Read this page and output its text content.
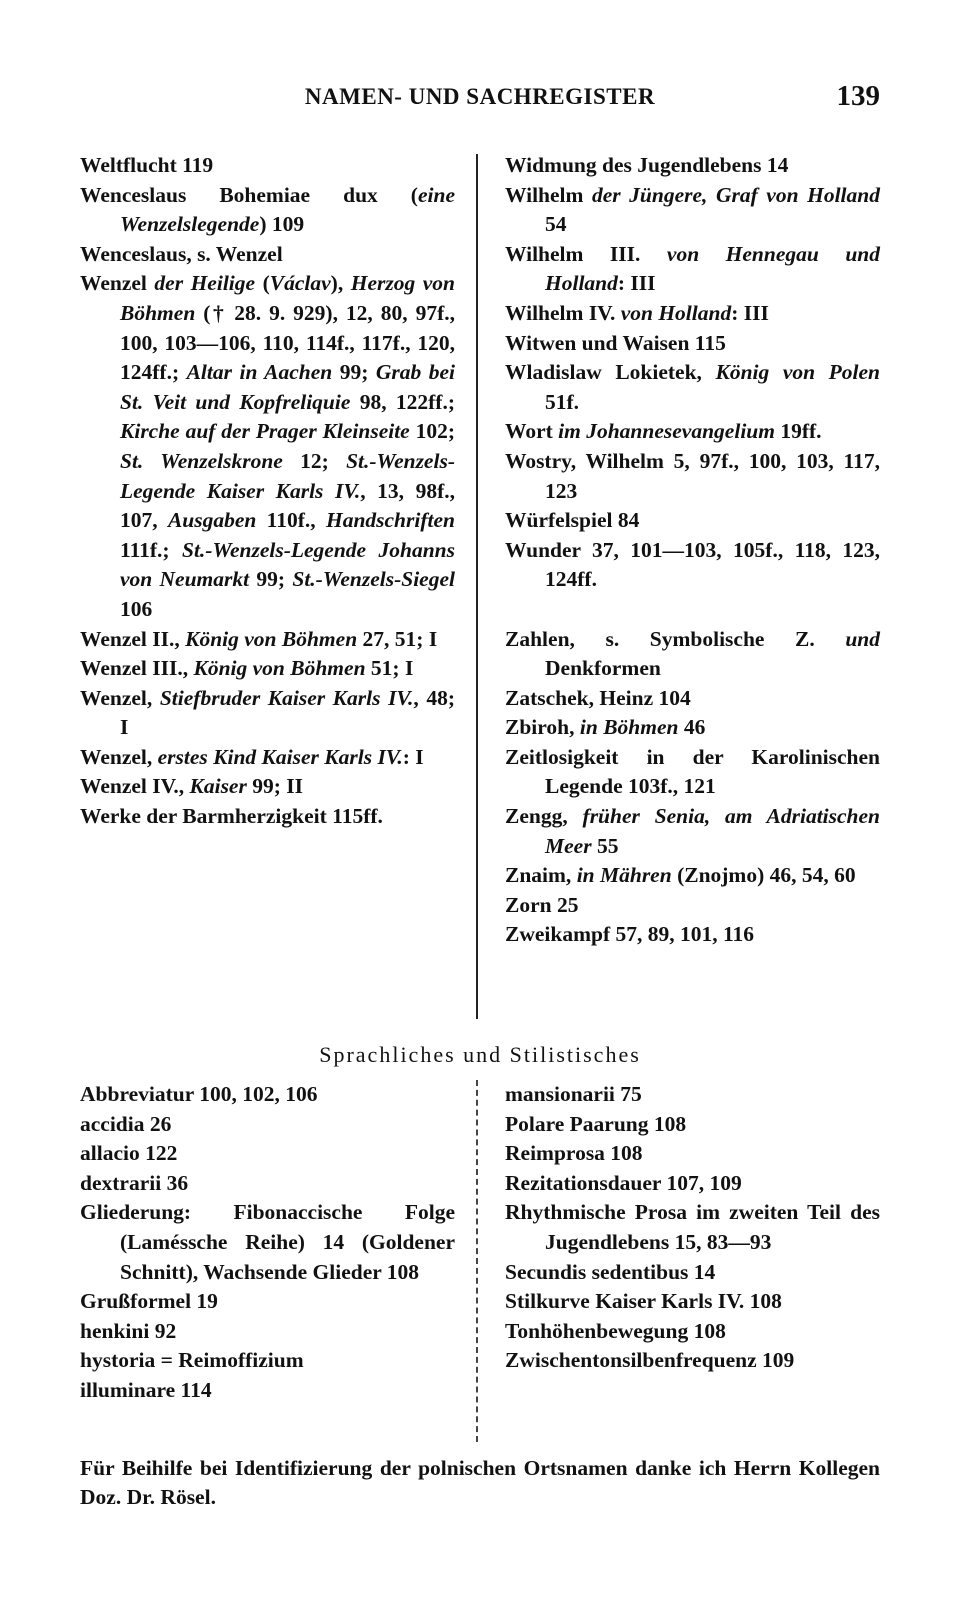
NAMEN- UND SACHREGISTER	139
Weltflucht 119
Wenceslaus Bohemiae dux (eine Wenzelslegende) 109
Wenceslaus, s. Wenzel
Wenzel der Heilige (Václav), Herzog von Böhmen († 28. 9. 929), 12, 80, 97f., 100, 103—106, 110, 114f., 117f., 120, 124ff.; Altar in Aachen 99; Grab bei St. Veit und Kopfreliquie 98, 122ff.; Kirche auf der Prager Kleinseite 102; St. Wenzelskrone 12; St.-Wenzels-Legende Kaiser Karls IV., 13, 98f., 107, Ausgaben 110f., Handschriften 111f.; St.-Wenzels-Legende Johanns von Neumarkt 99; St.-Wenzels-Siegel 106
Wenzel II., König von Böhmen 27, 51; I
Wenzel III., König von Böhmen 51; I
Wenzel, Stiefbruder Kaiser Karls IV., 48; I
Wenzel, erstes Kind Kaiser Karls IV.: I
Wenzel IV., Kaiser 99; II
Werke der Barmherzigkeit 115ff.
Widmung des Jugendlebens 14
Wilhelm der Jüngere, Graf von Holland 54
Wilhelm III. von Hennegau und Holland: III
Wilhelm IV. von Holland: III
Witwen und Waisen 115
Wladislaw Lokietek, König von Polen 51f.
Wort im Johannesevangelium 19ff.
Wostry, Wilhelm 5, 97f., 100, 103, 117, 123
Würfelspiel 84
Wunder 37, 101—103, 105f., 118, 123, 124ff.
Zahlen, s. Symbolische Z. und Denkformen
Zatschek, Heinz 104
Zbiroh, in Böhmen 46
Zeitlosigkeit in der Karolinischen Legende 103f., 121
Zengg, früher Senia, am Adriatischen Meer 55
Znaim, in Mähren (Znojmo) 46, 54, 60
Zorn 25
Zweikampf 57, 89, 101, 116
Sprachliches und Stilistisches
Abbreviatur 100, 102, 106
accidia 26
allacio 122
dextrarii 36
Gliederung: Fibonaccische Folge (Laméssche Reihe) 14 (Goldener Schnitt), Wachsende Glieder 108
Grußformel 19
henkini 92
hystoria = Reimoffizium
illuminare 114
mansionarii 75
Polare Paarung 108
Reimprosa 108
Rezitationsdauer 107, 109
Rhythmische Prosa im zweiten Teil des Jugendlebens 15, 83—93
Secundis sedentibus 14
Stilkurve Kaiser Karls IV. 108
Tonhöhenbewegung 108
Zwischentonsilbenfrequenz 109
Für Beihilfe bei Identifizierung der polnischen Ortsnamen danke ich Herrn Kollegen Doz. Dr. Rösel.
